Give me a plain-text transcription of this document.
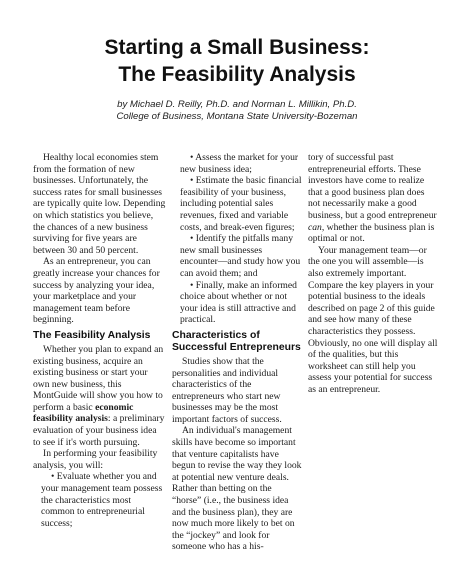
Starting a Small Business:
The Feasibility Analysis
by Michael D. Reilly, Ph.D. and Norman L. Millikin, Ph.D.
College of Business, Montana State University-Bozeman

Healthy local economies stem from the formation of new businesses. Unfortunately, the success rates for small businesses are typically quite low. Depending on which statistics you believe, the chances of a new business surviving for five years are between 30 and 50 percent.

As an entrepreneur, you can greatly increase your chances for success by analyzing your idea, your marketplace and your management team before beginning.

The Feasibility Analysis

Whether you plan to expand an existing business, acquire an existing business or start your own new business, this MontGuide will show you how to perform a basic economic feasibility analysis: a preliminary evaluation of your business idea to see if it's worth pursuing.

In performing your feasibility analysis, you will:

• Evaluate whether you and your management team possess the characteristics most common to entrepreneurial success;

• Assess the market for your new business idea;

• Estimate the basic financial feasibility of your business, including potential sales revenues, fixed and variable costs, and break-even figures;

• Identify the pitfalls many new small businesses encounter—and study how you can avoid them; and

• Finally, make an informed choice about whether or not your idea is still attractive and practical.

Characteristics of Successful Entrepreneurs

Studies show that the personalities and individual characteristics of the entrepreneurs who start new businesses may be the most important factors of success.

An individual's management skills have become so important that venture capitalists have begun to revise the way they look at potential new venture deals. Rather than betting on the “horse” (i.e., the business idea and the business plan), they are now much more likely to bet on the “jockey” and look for someone who has a his-

tory of successful past entrepreneurial efforts. These investors have come to realize that a good business plan does not necessarily make a good business, but a good entrepreneur can, whether the business plan is optimal or not.

Your management team—or the one you will assemble—is also extremely important. Compare the key players in your potential business to the ideals described on page 2 of this guide and see how many of these characteristics they possess. Obviously, no one will display all of the qualities, but this worksheet can still help you assess your potential for success as an entrepreneur.
